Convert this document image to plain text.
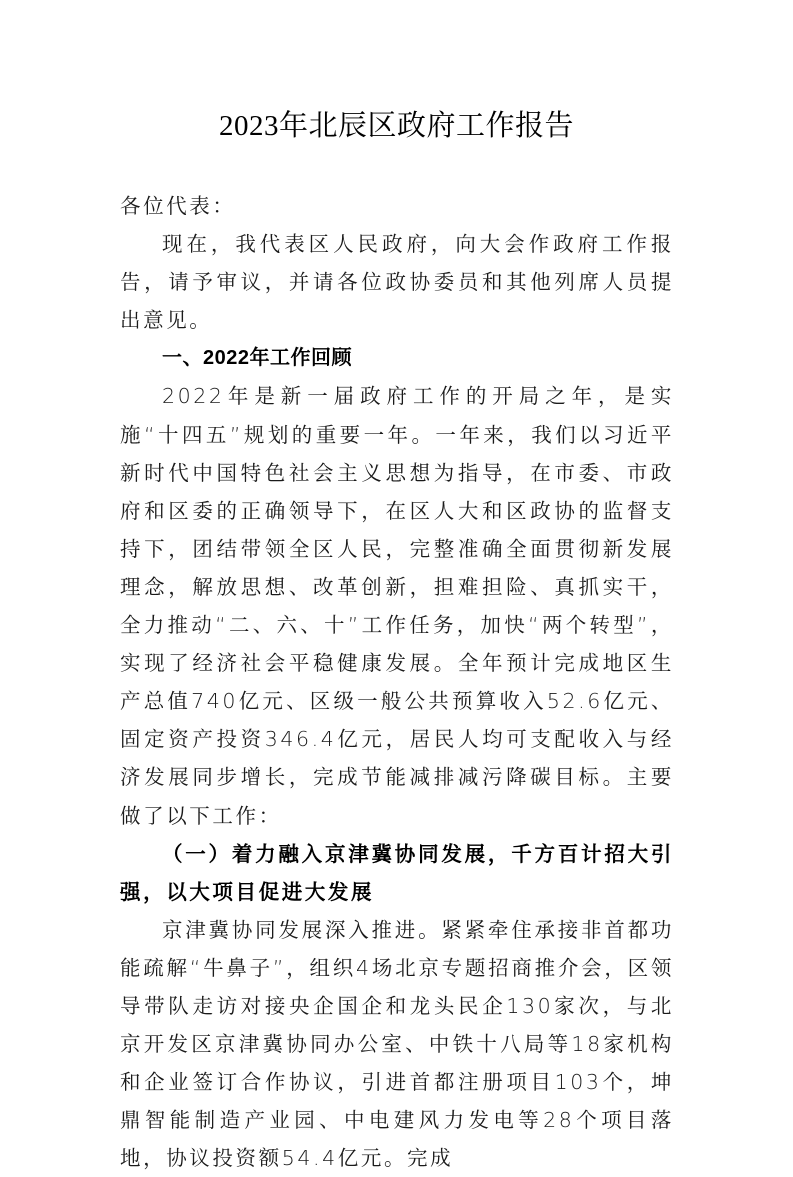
2023年北辰区政府工作报告

各位代表：

现在，我代表区人民政府，向大会作政府工作报告，请予审议，并请各位政协委员和其他列席人员提出意见。

一、2022年工作回顾

2022年是新一届政府工作的开局之年，是实施“十四五”规划的重要一年。一年来，我们以习近平新时代中国特色社会主义思想为指导，在市委、市政府和区委的正确领导下，在区人大和区政协的监督支持下，团结带领全区人民，完整准确全面贯彻新发展理念，解放思想、改革创新，担难担险、真抓实干，全力推动“二、六、十”工作任务，加快“两个转型”，实现了经济社会平稳健康发展。全年预计完成地区生产总值740亿元、区级一般公共预算收入52.6亿元、固定资产投资346.4亿元，居民人均可支配收入与经济发展同步增长，完成节能减排减污降碳目标。主要做了以下工作：

（一）着力融入京津冀协同发展，千方百计招大引强，以大项目促进大发展

京津冀协同发展深入推进。紧紧牵住承接非首都功能疏解“牛鼻子”，组织4场北京专题招商推介会，区领导带队走访对接央企国企和龙头民企130家次，与北京开发区京津冀协同办公室、中铁十八局等18家机构和企业签订合作协议，引进首都注册项目103个，坤鼎智能制造产业园、中电建风力发电等28个项目落地，协议投资额54.4亿元。完成
